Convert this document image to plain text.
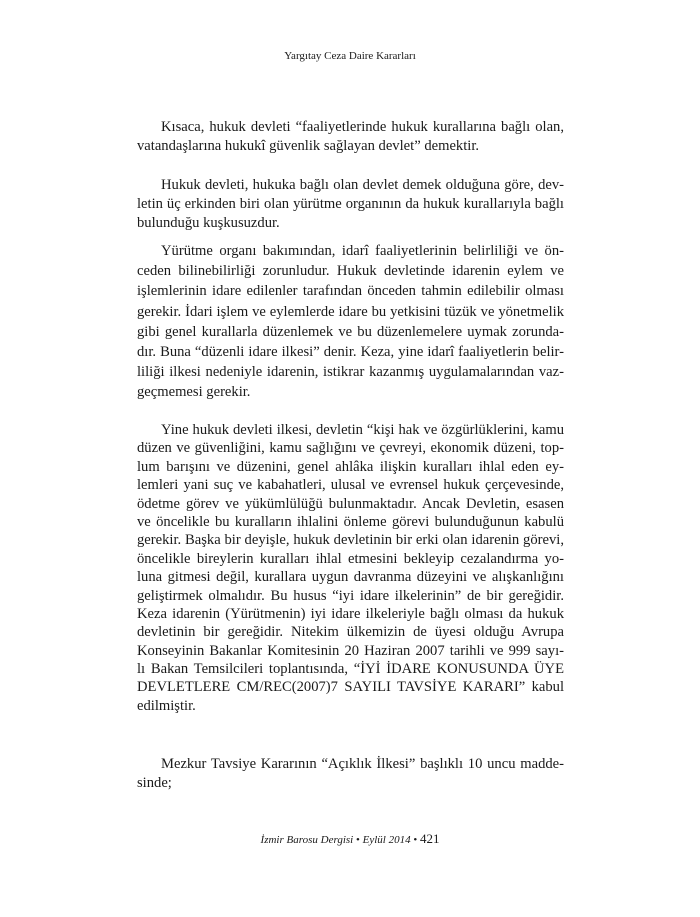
Yargıtay Ceza Daire Kararları
Kısaca, hukuk devleti “faaliyetlerinde hukuk kurallarına bağlı olan,
vatandaşlarına hukukî güvenlik sağlayan devlet” demektir.
Hukuk devleti, hukuka bağlı olan devlet demek olduğuna göre, dev-
letin üç erkinden biri olan yürütme organının da hukuk kurallarıyla bağlı
bulunduğu kuşkusuzdur.
Yürütme organı bakımından, idarî faaliyetlerinin belirliliği ve ön-
ceden bilinebilirliği zorunludur. Hukuk devletinde idarenin eylem ve
işlemlerinin idare edilenler tarafından önceden tahmin edilebilir olması
gerekir. İdari işlem ve eylemlerde idare bu yetkisini tüzük ve yönetmelik
gibi genel kurallarla düzenlemek ve bu düzenlemelere uymak zorunda-
dır. Buna “düzenli idare ilkesi” denir. Keza, yine idarî faaliyetlerin belir-
liliği ilkesi nedeniyle idarenin, istikrar kazanmış uygulamalarından vaz-
geçmemesi gerekir.
Yine hukuk devleti ilkesi, devletin “kişi hak ve özgürlüklerini, kamu
düzen ve güvenliğini, kamu sağlığını ve çevreyi, ekonomik düzeni, top-
lum barışını ve düzenini, genel ahlâka ilişkin kuralları ihlal eden ey-
lemleri yani suç ve kabahatleri, ulusal ve evrensel hukuk çerçevesinde,
ödetme görev ve yükümlülüğü bulunmaktadır. Ancak Devletin, esasen
ve öncelikle bu kuralların ihlalini önleme görevi bulunduğunun kabulü
gerekir. Başka bir deyişle, hukuk devletinin bir erki olan idarenin görevi,
öncelikle bireylerin kuralları ihlal etmesini bekleyip cezalandırma yo-
luna gitmesi değil, kurallara uygun davranma düzeyini ve alışkanlığını
geliştirmek olmalıdır. Bu husus “iyi idare ilkelerinin” de bir gereğidir.
Keza idarenin (Yürütmenin) iyi idare ilkeleriyle bağlı olması da hukuk
devletinin bir gereğidir. Nitekim ülkemizin de üyesi olduğu Avrupa
Konseyinin Bakanlar Komitesinin 20 Haziran 2007 tarihli ve 999 sayı-
lı Bakan Temsilcileri toplantısında, “İYİ İDARE KONUSUNDA ÜYE
DEVLETLERE CM/REC(2007)7 SAYILI TAVSİYE KARARI” kabul
edilmiştir.
Mezkur Tavsiye Kararının “Açıklık İlkesi” başlıklı 10 uncu madde-
sinde;
İzmir Barosu Dergisi • Eylül 2014 • 421
